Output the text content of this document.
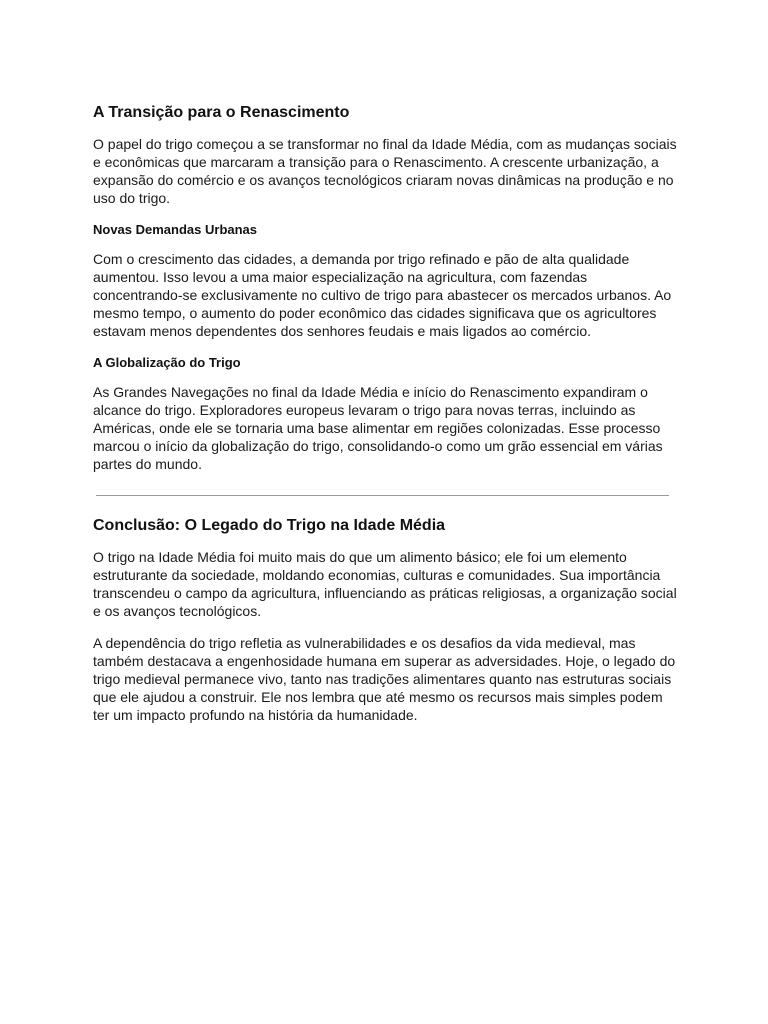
A Transição para o Renascimento

O papel do trigo começou a se transformar no final da Idade Média, com as mudanças sociais e econômicas que marcaram a transição para o Renascimento. A crescente urbanização, a expansão do comércio e os avanços tecnológicos criaram novas dinâmicas na produção e no uso do trigo.

Novas Demandas Urbanas

Com o crescimento das cidades, a demanda por trigo refinado e pão de alta qualidade aumentou. Isso levou a uma maior especialização na agricultura, com fazendas concentrando-se exclusivamente no cultivo de trigo para abastecer os mercados urbanos. Ao mesmo tempo, o aumento do poder econômico das cidades significava que os agricultores estavam menos dependentes dos senhores feudais e mais ligados ao comércio.

A Globalização do Trigo

As Grandes Navegações no final da Idade Média e início do Renascimento expandiram o alcance do trigo. Exploradores europeus levaram o trigo para novas terras, incluindo as Américas, onde ele se tornaria uma base alimentar em regiões colonizadas. Esse processo marcou o início da globalização do trigo, consolidando-o como um grão essencial em várias partes do mundo.

Conclusão: O Legado do Trigo na Idade Média

O trigo na Idade Média foi muito mais do que um alimento básico; ele foi um elemento estruturante da sociedade, moldando economias, culturas e comunidades. Sua importância transcendeu o campo da agricultura, influenciando as práticas religiosas, a organização social e os avanços tecnológicos.

A dependência do trigo refletia as vulnerabilidades e os desafios da vida medieval, mas também destacava a engenhosidade humana em superar as adversidades. Hoje, o legado do trigo medieval permanece vivo, tanto nas tradições alimentares quanto nas estruturas sociais que ele ajudou a construir. Ele nos lembra que até mesmo os recursos mais simples podem ter um impacto profundo na história da humanidade.
